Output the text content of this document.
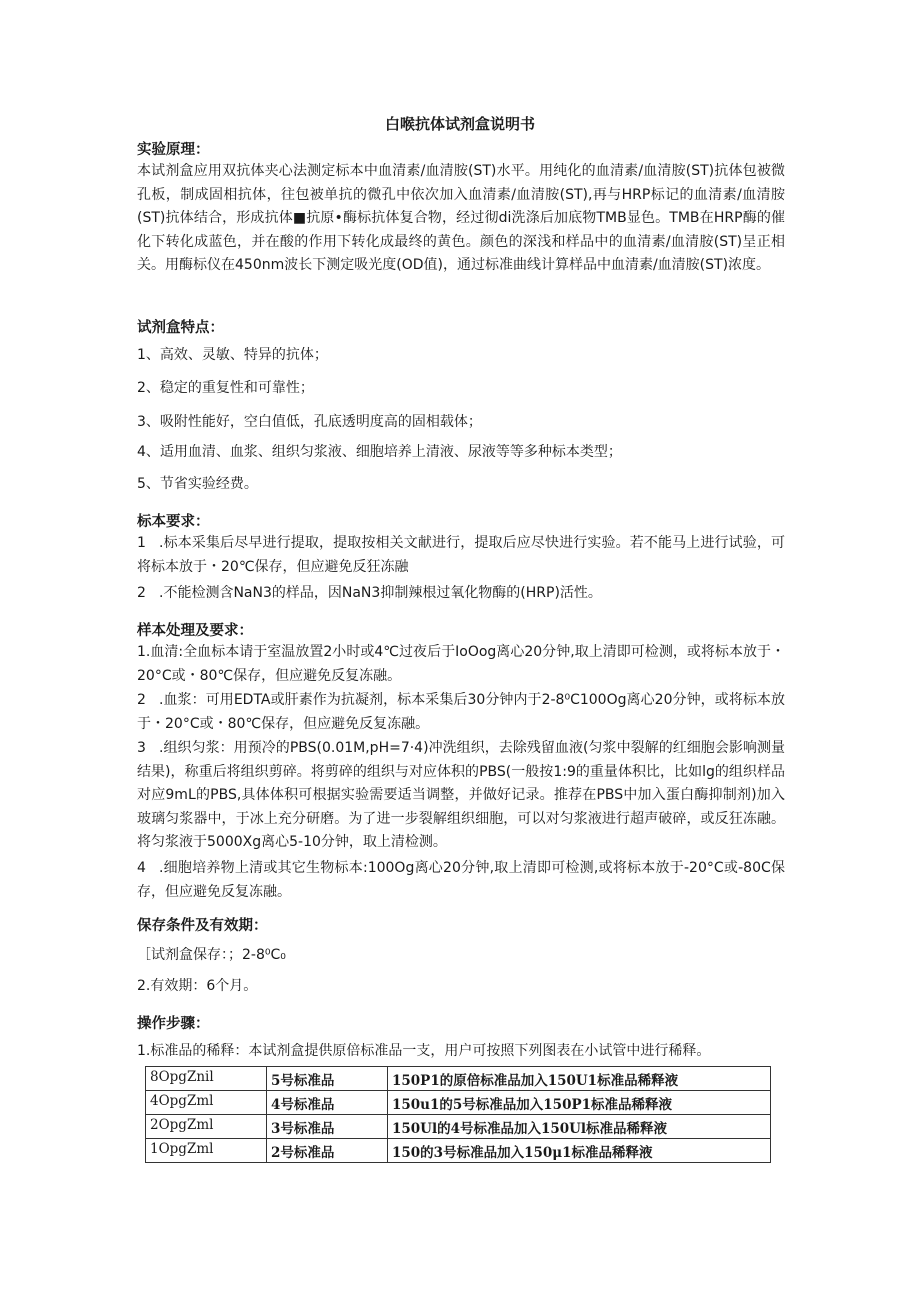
白喉抗体试剂盒说明书
实验原理：
本试剂盒应用双抗体夹心法测定标本中血清素/血清胺(ST)水平。用纯化的血清素/血清胺(ST)抗体包被微孔板，制成固相抗体，往包被单抗的微孔中依次加入血清素/血清胺(ST),再与HRP标记的血清素/血清胺(ST)抗体结合，形成抗体■抗原•酶标抗体复合物，经过彻di洗涤后加底物TMB显色。TMB在HRP酶的催化下转化成蓝色，并在酸的作用下转化成最终的黄色。颜色的深浅和样品中的血清素/血清胺(ST)呈正相关。用酶标仪在450nm波长下测定吸光度(OD值)，通过标准曲线计算样品中血清素/血清胺(ST)浓度。
试剂盒特点：
1、高效、灵敏、特异的抗体；
2、稳定的重复性和可靠性；
3、吸附性能好，空白值低，孔底透明度高的固相载体；
4、适用血清、血浆、组织匀浆液、细胞培养上清液、尿液等等多种标本类型；
5、节省实验经费。
标本要求：
1 .标本采集后尽早进行提取，提取按相关文献进行，提取后应尽快进行实验。若不能马上进行试验，可将标本放于・20℃保存，但应避免反狂冻融
2 .不能检测含NaN3的样品，因NaN3抑制辣根过氧化物酶的(HRP)活性。
样本处理及要求：
1.血清:全血标本请于室温放置2小时或4℃过夜后于IoOog离心20分钟,取上清即可检测，或将标本放于・20°C或・80℃保存，但应避免反复冻融。
2 .血浆：可用EDTA或肝素作为抗凝剂，标本采集后30分钟内于2-8⁰C100Og离心20分钟，或将标本放于・20°C或・80℃保存，但应避免反复冻融。
3 .组织匀浆：用预冷的PBS(0.01M,pH=7·4)冲洗组织，去除残留血液(匀浆中裂解的红细胞会影响测量结果)，称重后将组织剪碎。将剪碎的组织与对应体积的PBS(一般按1:9的重量体积比，比如lg的组织样品对应9mL的PBS,具体体积可根据实验需要适当调整，并做好记录。推荐在PBS中加入蛋白酶抑制剂)加入玻璃匀浆器中，于冰上充分研磨。为了进一步裂解组织细胞，可以对匀浆液进行超声破碎，或反狂冻融。将匀浆液于5000Xg离心5-10分钟，取上清检测。
4 .细胞培养物上清或其它生物标本:100Og离心20分钟,取上清即可检测,或将标本放于-20°C或-80C保存，但应避免反复冻融。
保存条件及有效期：
［试剂盒保存：；2-8⁰C₀
2.有效期：6个月。
操作步骤：
1.标准品的稀释：本试剂盒提供原倍标准品一支，用户可按照下列图表在小试管中进行稀释。
8OpgZnil	5号标准品	150P1的原倍标准品加入150U1标准品稀释液
4OpgZml	4号标准品	150u1的5号标准品加入150P1标准品稀释液
2OpgZml	3号标准品	150Ul的4号标准品加入150Ul标准品稀释液
1OpgZml	2号标准品	150的3号标准品加入150μ1标准品稀释液
